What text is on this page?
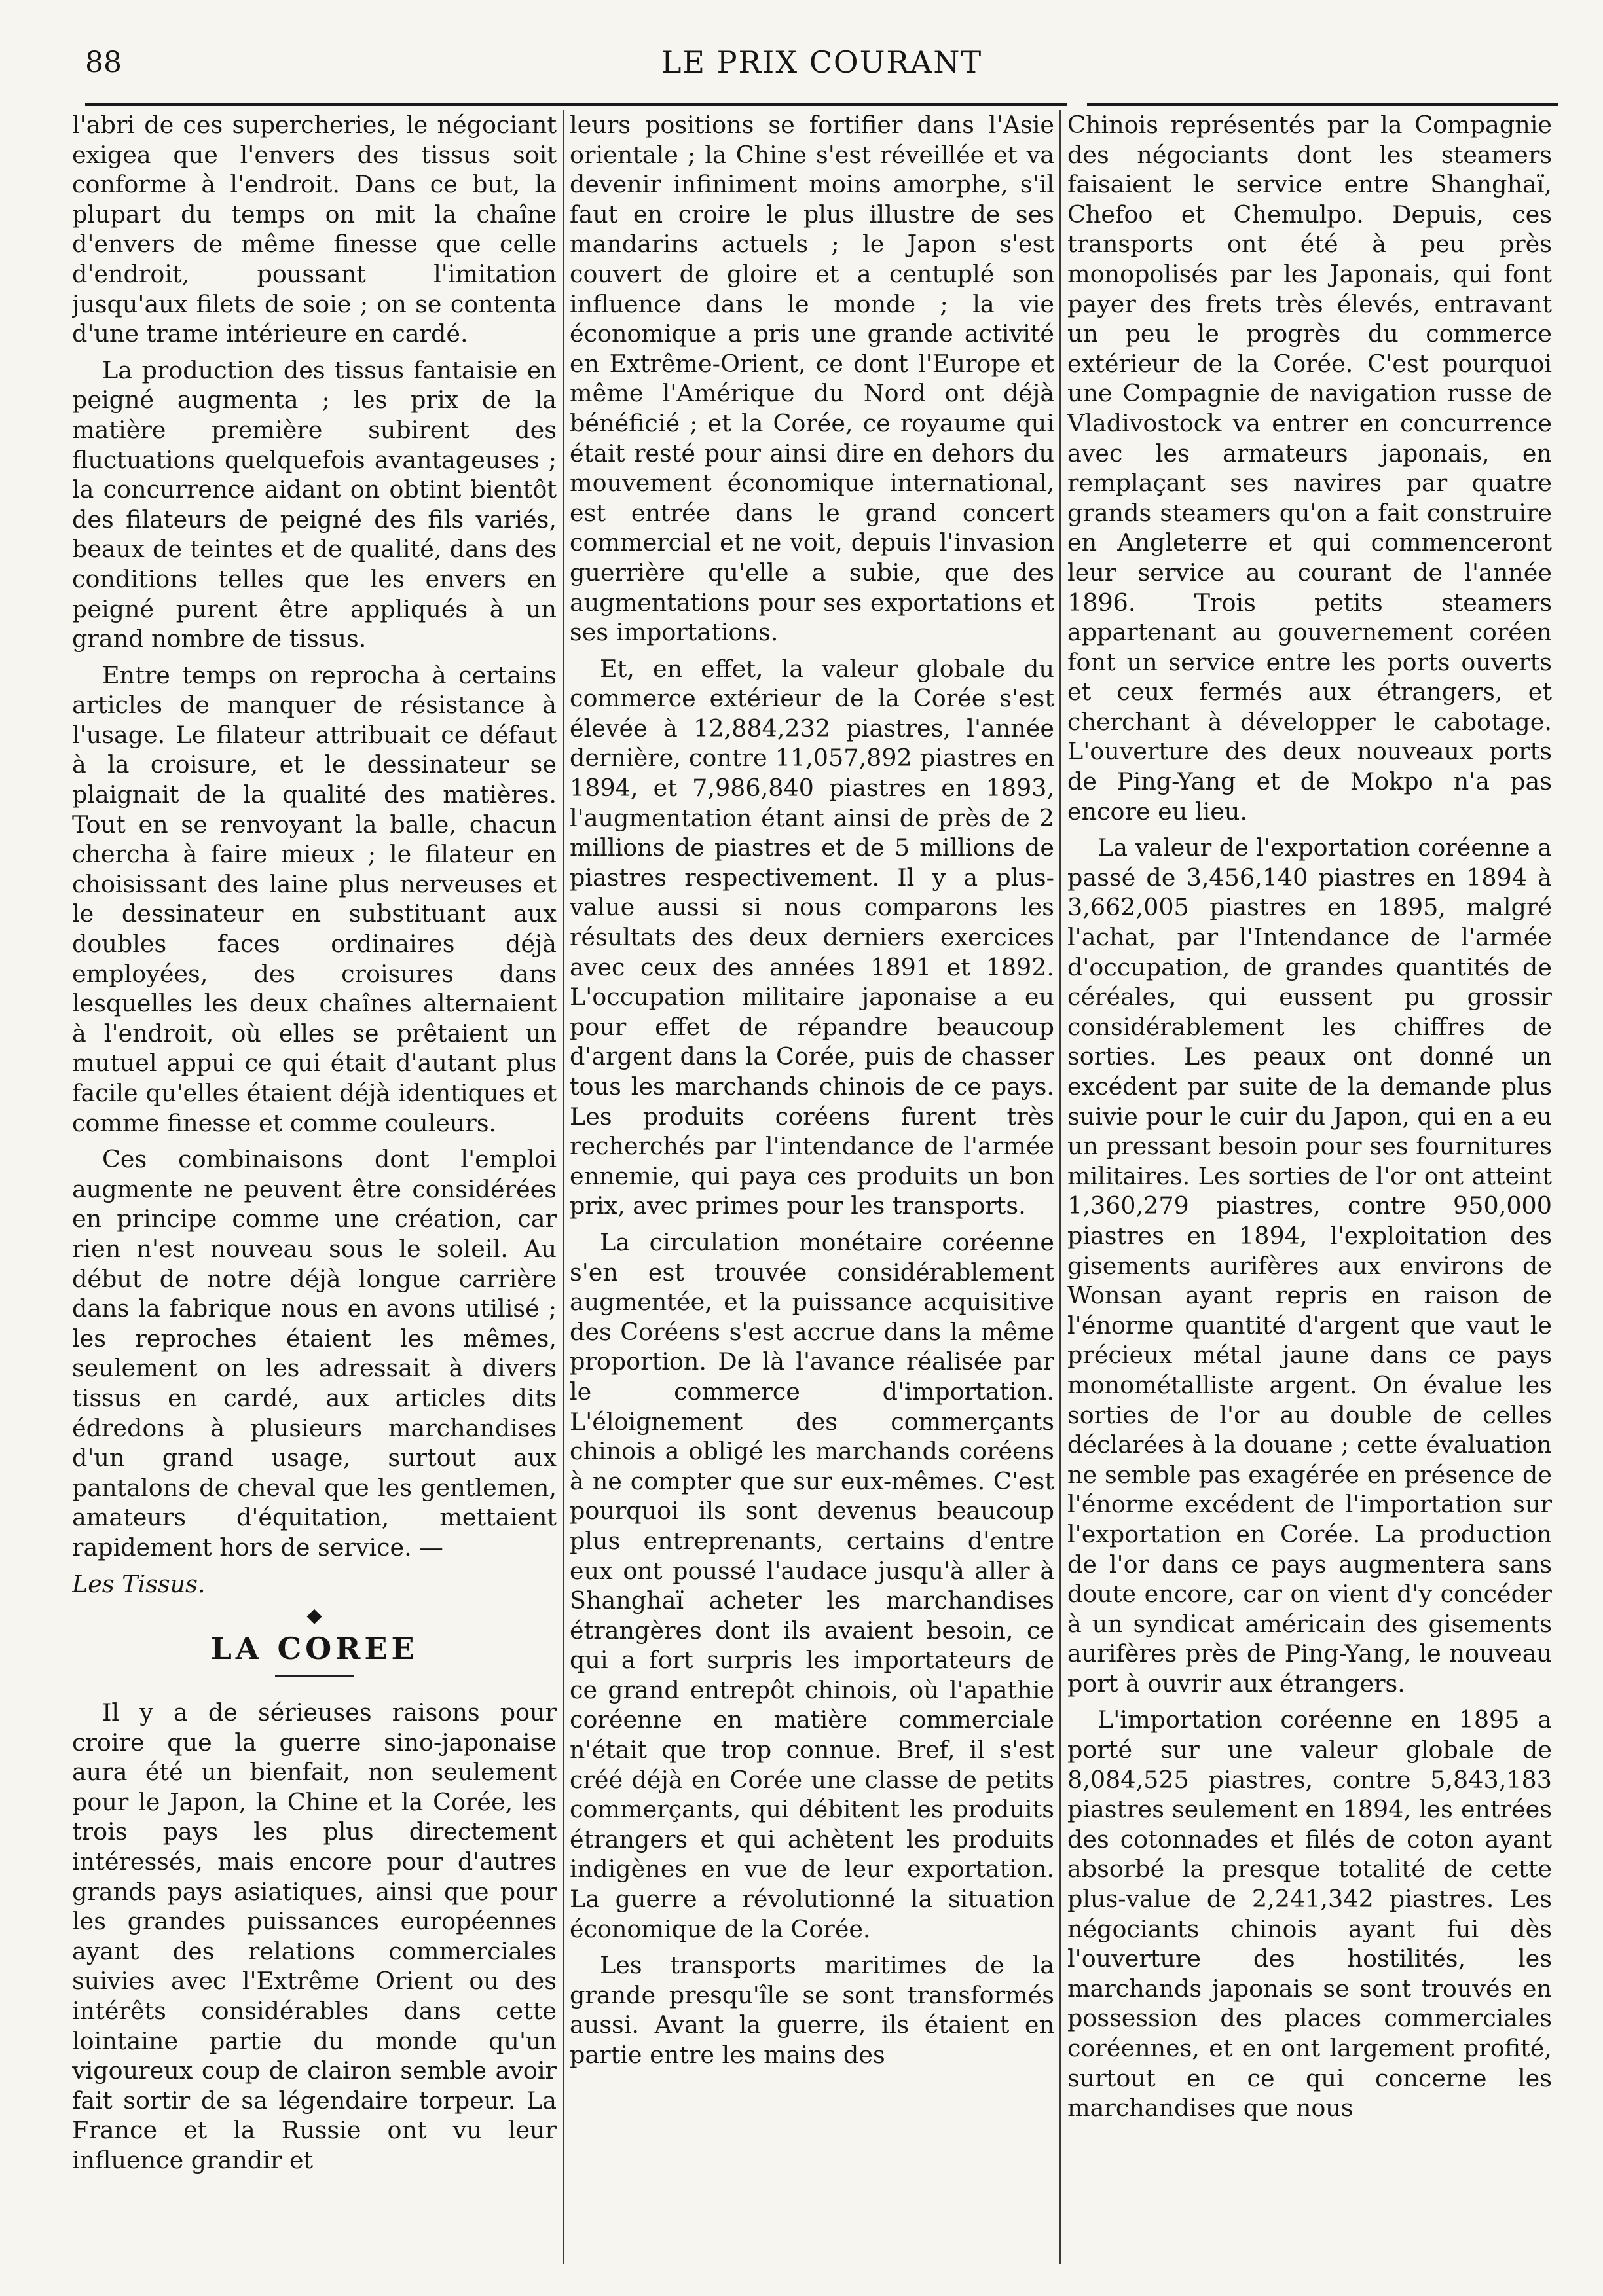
88	LE PRIX COURANT

l'abri de ces supercheries, le négociant exigea que l'envers des tissus soit conforme à l'endroit. Dans ce but, la plupart du temps on mit la chaîne d'envers de même finesse que celle d'endroit, poussant l'imitation jusqu'aux filets de soie ; on se contenta d'une trame intérieure en cardé.

La production des tissus fantaisie en peigné augmenta ; les prix de la matière première subirent des fluctuations quelquefois avantageuses ; la concurrence aidant on obtint bientôt des filateurs de peigné des fils variés, beaux de teintes et de qualité, dans des conditions telles que les envers en peigné purent être appliqués à un grand nombre de tissus.

Entre temps on reprocha à certains articles de manquer de résistance à l'usage. Le filateur attribuait ce défaut à la croisure, et le dessinateur se plaignait de la qualité des matières. Tout en se renvoyant la balle, chacun chercha à faire mieux ; le filateur en choisissant des laine plus nerveuses et le dessinateur en substituant aux doubles faces ordinaires déjà employées, des croisures dans lesquelles les deux chaînes alternaient à l'endroit, où elles se prêtaient un mutuel appui ce qui était d'autant plus facile qu'elles étaient déjà identiques et comme finesse et comme couleurs.

Ces combinaisons dont l'emploi augmente ne peuvent être considérées en principe comme une création, car rien n'est nouveau sous le soleil. Au début de notre déjà longue carrière dans la fabrique nous en avons utilisé ; les reproches étaient les mêmes, seulement on les adressait à divers tissus en cardé, aux articles dits édredons à plusieurs marchandises d'un grand usage, surtout aux pantalons de cheval que les gentlemen, amateurs d'équitation, mettaient rapidement hors de service. —

Les Tissus.

◆
LA COREE

Il y a de sérieuses raisons pour croire que la guerre sino-japonaise aura été un bienfait, non seulement pour le Japon, la Chine et la Corée, les trois pays les plus directement intéressés, mais encore pour d'autres grands pays asiatiques, ainsi que pour les grandes puissances européennes ayant des relations commerciales suivies avec l'Extrême Orient ou des intérêts considérables dans cette lointaine partie du monde qu'un vigoureux coup de clairon semble avoir fait sortir de sa légendaire torpeur. La France et la Russie ont vu leur influence grandir et

leurs positions se fortifier dans l'Asie orientale ; la Chine s'est réveillée et va devenir infiniment moins amorphe, s'il faut en croire le plus illustre de ses mandarins actuels ; le Japon s'est couvert de gloire et a centuplé son influence dans le monde ; la vie économique a pris une grande activité en Extrême-Orient, ce dont l'Europe et même l'Amérique du Nord ont déjà bénéficié ; et la Corée, ce royaume qui était resté pour ainsi dire en dehors du mouvement économique international, est entrée dans le grand concert commercial et ne voit, depuis l'invasion guerrière qu'elle a subie, que des augmentations pour ses exportations et ses importations.

Et, en effet, la valeur globale du commerce extérieur de la Corée s'est élevée à 12,884,232 piastres, l'année dernière, contre 11,057,892 piastres en 1894, et 7,986,840 piastres en 1893, l'augmentation étant ainsi de près de 2 millions de piastres et de 5 millions de piastres respectivement. Il y a plus-value aussi si nous comparons les résultats des deux derniers exercices avec ceux des années 1891 et 1892. L'occupation militaire japonaise a eu pour effet de répandre beaucoup d'argent dans la Corée, puis de chasser tous les marchands chinois de ce pays. Les produits coréens furent très recherchés par l'intendance de l'armée ennemie, qui paya ces produits un bon prix, avec primes pour les transports.

La circulation monétaire coréenne s'en est trouvée considérablement augmentée, et la puissance acquisitive des Coréens s'est accrue dans la même proportion. De là l'avance réalisée par le commerce d'importation. L'éloignement des commerçants chinois a obligé les marchands coréens à ne compter que sur eux-mêmes. C'est pourquoi ils sont devenus beaucoup plus entreprenants, certains d'entre eux ont poussé l'audace jusqu'à aller à Shanghaï acheter les marchandises étrangères dont ils avaient besoin, ce qui a fort surpris les importateurs de ce grand entrepôt chinois, où l'apathie coréenne en matière commerciale n'était que trop connue. Bref, il s'est créé déjà en Corée une classe de petits commerçants, qui débitent les produits étrangers et qui achètent les produits indigènes en vue de leur exportation. La guerre a révolutionné la situation économique de la Corée.

Les transports maritimes de la grande presqu'île se sont transformés aussi. Avant la guerre, ils étaient en partie entre les mains des

Chinois représentés par la Compagnie des négociants dont les steamers faisaient le service entre Shanghaï, Chefoo et Chemulpo. Depuis, ces transports ont été à peu près monopolisés par les Japonais, qui font payer des frets très élevés, entravant un peu le progrès du commerce extérieur de la Corée. C'est pourquoi une Compagnie de navigation russe de Vladivostock va entrer en concurrence avec les armateurs japonais, en remplaçant ses navires par quatre grands steamers qu'on a fait construire en Angleterre et qui commenceront leur service au courant de l'année 1896. Trois petits steamers appartenant au gouvernement coréen font un service entre les ports ouverts et ceux fermés aux étrangers, et cherchant à développer le cabotage. L'ouverture des deux nouveaux ports de Ping-Yang et de Mokpo n'a pas encore eu lieu.

La valeur de l'exportation coréenne a passé de 3,456,140 piastres en 1894 à 3,662,005 piastres en 1895, malgré l'achat, par l'Intendance de l'armée d'occupation, de grandes quantités de céréales, qui eussent pu grossir considérablement les chiffres de sorties. Les peaux ont donné un excédent par suite de la demande plus suivie pour le cuir du Japon, qui en a eu un pressant besoin pour ses fournitures militaires. Les sorties de l'or ont atteint 1,360,279 piastres, contre 950,000 piastres en 1894, l'exploitation des gisements aurifères aux environs de Wonsan ayant repris en raison de l'énorme quantité d'argent que vaut le précieux métal jaune dans ce pays monométalliste argent. On évalue les sorties de l'or au double de celles déclarées à la douane ; cette évaluation ne semble pas exagérée en présence de l'énorme excédent de l'importation sur l'exportation en Corée. La production de l'or dans ce pays augmentera sans doute encore, car on vient d'y concéder à un syndicat américain des gisements aurifères près de Ping-Yang, le nouveau port à ouvrir aux étrangers.

L'importation coréenne en 1895 a porté sur une valeur globale de 8,084,525 piastres, contre 5,843,183 piastres seulement en 1894, les entrées des cotonnades et filés de coton ayant absorbé la presque totalité de cette plus-value de 2,241,342 piastres. Les négociants chinois ayant fui dès l'ouverture des hostilités, les marchands japonais se sont trouvés en possession des places commerciales coréennes, et en ont largement profité, surtout en ce qui concerne les marchandises que nous
